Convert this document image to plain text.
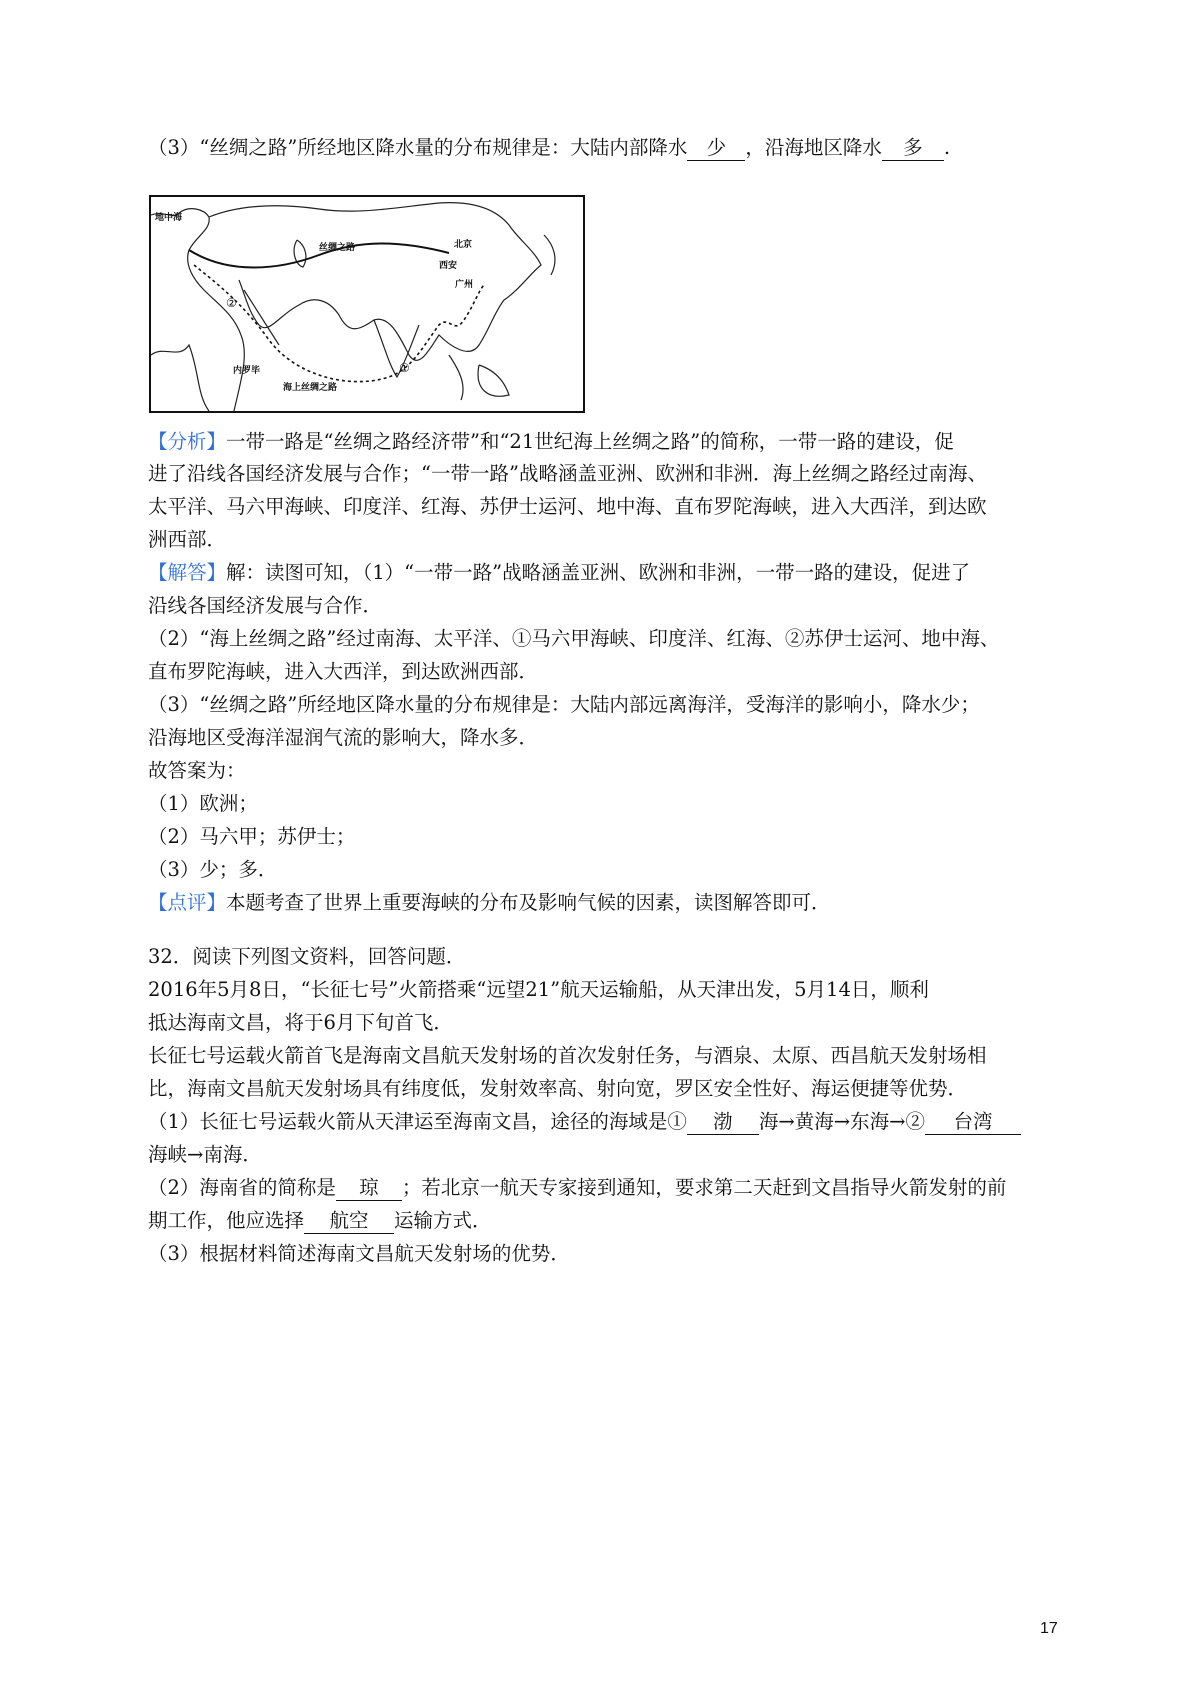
（3）“丝绸之路”所经地区降水量的分布规律是：大陆内部降水 少 ，沿海地区降水 多 .
地中海
丝绸之路	北京
西安
广州
内罗毕
海上丝绸之路
①
②
【分析】一带一路是“丝绸之路经济带”和“21世纪海上丝绸之路”的简称，一带一路的建设，促
进了沿线各国经济发展与合作；“一带一路”战略涵盖亚洲、欧洲和非洲．海上丝绸之路经过南海、
太平洋、马六甲海峡、印度洋、红海、苏伊士运河、地中海、直布罗陀海峡，进入大西洋，到达欧
洲西部．
【解答】解：读图可知，（1）“一带一路”战略涵盖亚洲、欧洲和非洲，一带一路的建设，促进了
沿线各国经济发展与合作．
（2）“海上丝绸之路”经过南海、太平洋、①马六甲海峡、印度洋、红海、②苏伊士运河、地中海、
直布罗陀海峡，进入大西洋，到达欧洲西部．
（3）“丝绸之路”所经地区降水量的分布规律是：大陆内部远离海洋，受海洋的影响小，降水少；
沿海地区受海洋湿润气流的影响大，降水多．
故答案为：
（1）欧洲；
（2）马六甲；苏伊士；
（3）少；多．
【点评】本题考查了世界上重要海峡的分布及影响气候的因素，读图解答即可．
32．阅读下列图文资料，回答问题．
2016年5月8日，“长征七号”火箭搭乘“远望21”航天运输船，从天津出发，5月14日，顺利
抵达海南文昌，将于6月下旬首飞．
长征七号运载火箭首飞是海南文昌航天发射场的首次发射任务，与酒泉、太原、西昌航天发射场相
比，海南文昌航天发射场具有纬度低，发射效率高、射向宽，罗区安全性好、海运便捷等优势．
（1）长征七号运载火箭从天津运至海南文昌，途径的海域是① 渤 海→黄海→东海→② 台湾
海峡→南海．
（2）海南省的简称是 琼 ；若北京一航天专家接到通知，要求第二天赶到文昌指导火箭发射的前
期工作，他应选择 航空 运输方式．
（3）根据材料简述海南文昌航天发射场的优势．
17
